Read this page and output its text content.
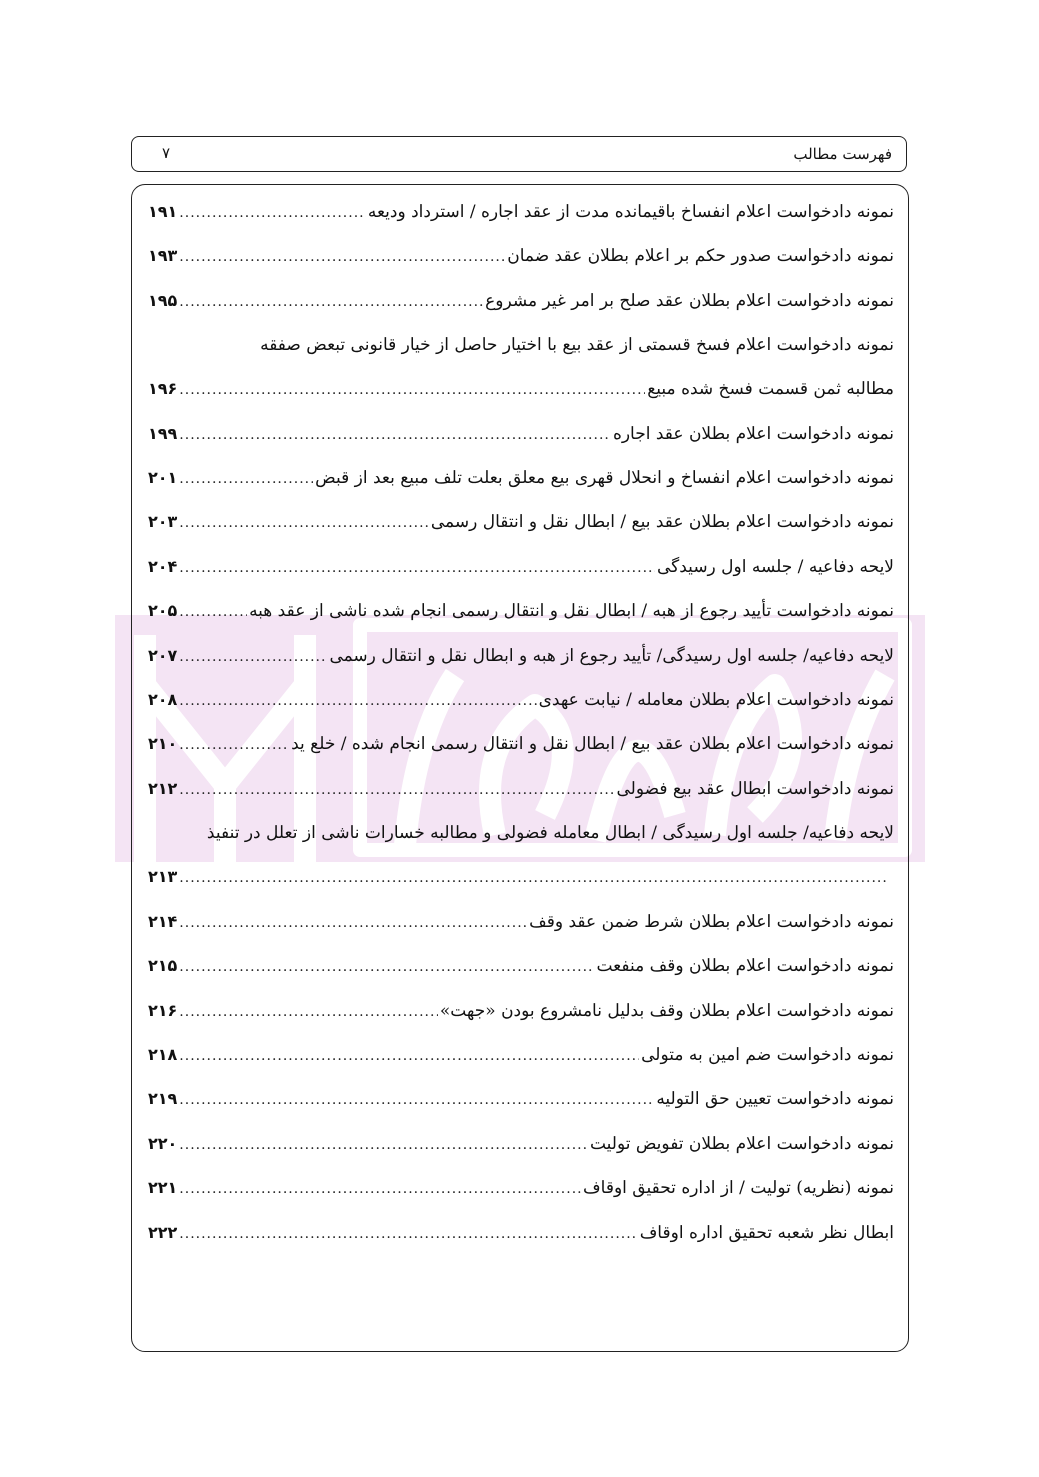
فهرست مطالب
۷
نمونه دادخواست اعلام انفساخ باقیمانده مدت از عقد اجاره / استرداد ودیعه
.....
۱۹۱
نمونه دادخواست صدور حکم بر اعلام بطلان عقد ضمان
.....
۱۹۳
نمونه دادخواست اعلام بطلان عقد صلح بر امر غیر مشروع
.....
۱۹۵
نمونه دادخواست اعلام فسخ قسمتی از عقد بیع با اختیار حاصل از خیار قانونی تبعض صفقه
مطالبه ثمن قسمت فسخ شده مبیع
.....
۱۹۶
نمونه دادخواست اعلام بطلان عقد اجاره
.....
۱۹۹
نمونه دادخواست اعلام انفساخ و انحلال قهری بیع معلق بعلت تلف مبیع بعد از قبض
.....
۲۰۱
نمونه دادخواست اعلام بطلان عقد بیع / ابطال نقل و انتقال رسمی
.....
۲۰۳
لایحه دفاعیه / جلسه اول رسیدگی
.....
۲۰۴
نمونه دادخواست تأیید رجوع از هبه / ابطال نقل و انتقال رسمی انجام شده ناشی از عقد هبه
.....
۲۰۵
لایحه دفاعیه/ جلسه اول رسیدگی/ تأیید رجوع از هبه و ابطال نقل و انتقال رسمی
.....
۲۰۷
نمونه دادخواست اعلام بطلان معامله / نیابت عهدی
.....
۲۰۸
نمونه دادخواست اعلام بطلان عقد بیع / ابطال نقل و انتقال رسمی انجام شده / خلع ید
.....
۲۱۰
نمونه دادخواست ابطال عقد بیع فضولی
.....
۲۱۲
لایحه دفاعیه/ جلسه اول رسیدگی / ابطال معامله فضولی و مطالبه خسارات ناشی از تعلل در تنفیذ
.....
۲۱۳
نمونه دادخواست اعلام بطلان شرط ضمن عقد وقف
.....
۲۱۴
نمونه دادخواست اعلام بطلان وقف منفعت
.....
۲۱۵
نمونه دادخواست اعلام بطلان وقف بدلیل نامشروع بودن «جهت»
.....
۲۱۶
نمونه دادخواست ضم امین به متولی
.....
۲۱۸
نمونه دادخواست تعیین حق التولیه
.....
۲۱۹
نمونه دادخواست اعلام بطلان تفویض تولیت
.....
۲۲۰
نمونه (نظریه) تولیت / از اداره تحقیق اوقاف
.....
۲۲۱
ابطال نظر شعبه تحقیق اداره اوقاف
.....
۲۲۲
